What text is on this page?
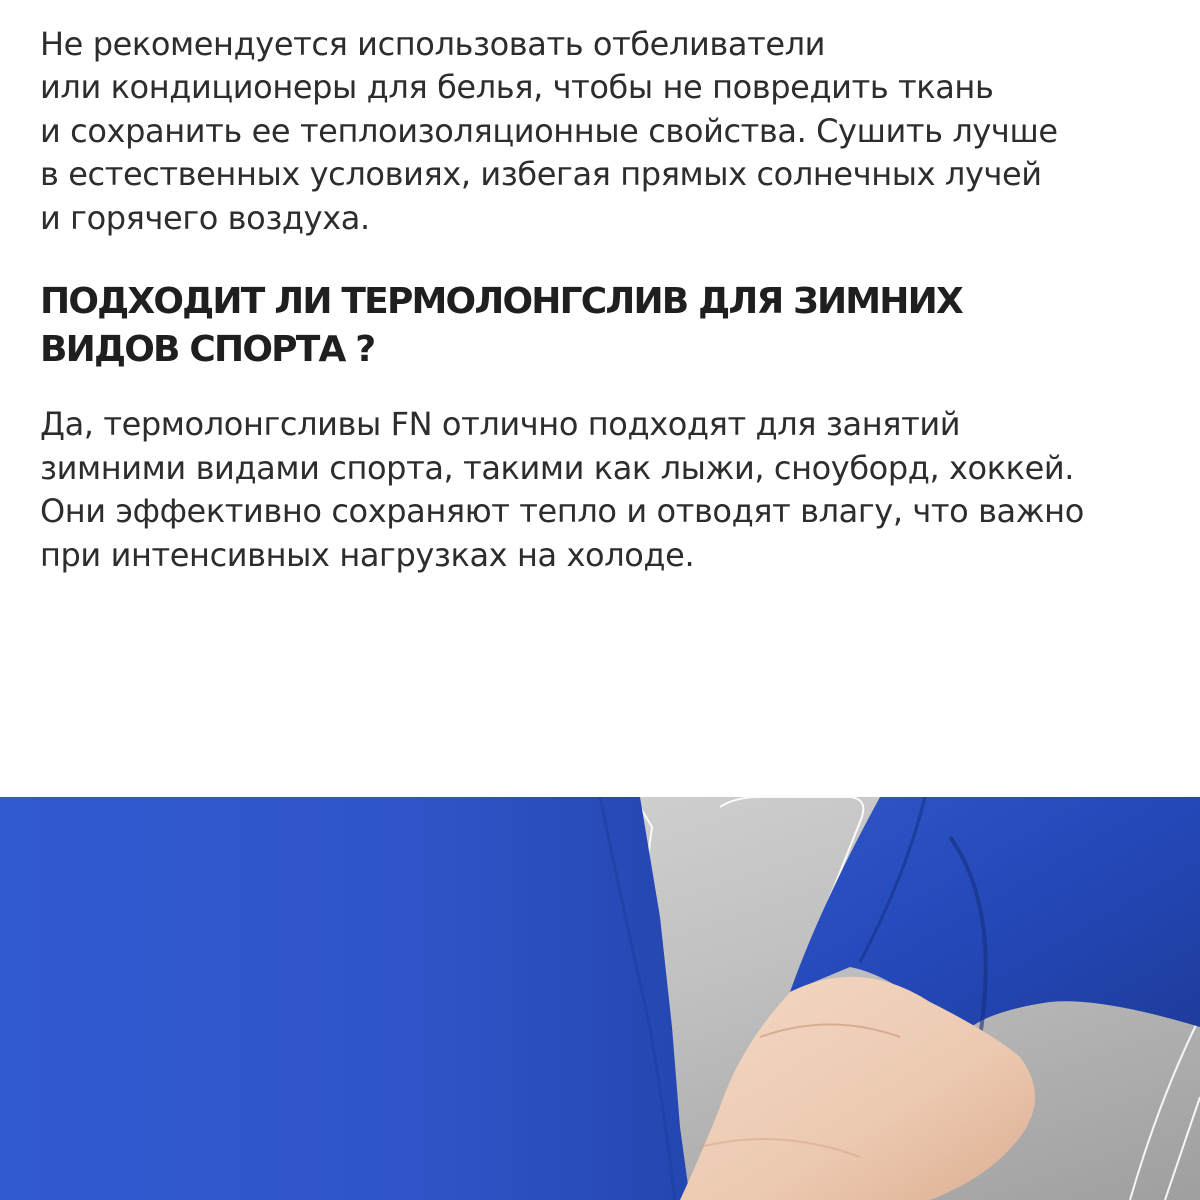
Не рекомендуется использовать отбеливатели
или кондиционеры для белья, чтобы не повредить ткань
и сохранить ее теплоизоляционные свойства. Сушить лучше
в естественных условиях, избегая прямых солнечных лучей
и горячего воздуха.
ПОДХОДИТ ЛИ ТЕРМОЛОНГСЛИВ ДЛЯ ЗИМНИХ
ВИДОВ СПОРТА ?
Да, термолонгсливы FN отлично подходят для занятий
зимними видами спорта, такими как лыжи, сноуборд, хоккей.
Они эффективно сохраняют тепло и отводят влагу, что важно
при интенсивных нагрузках на холоде.
